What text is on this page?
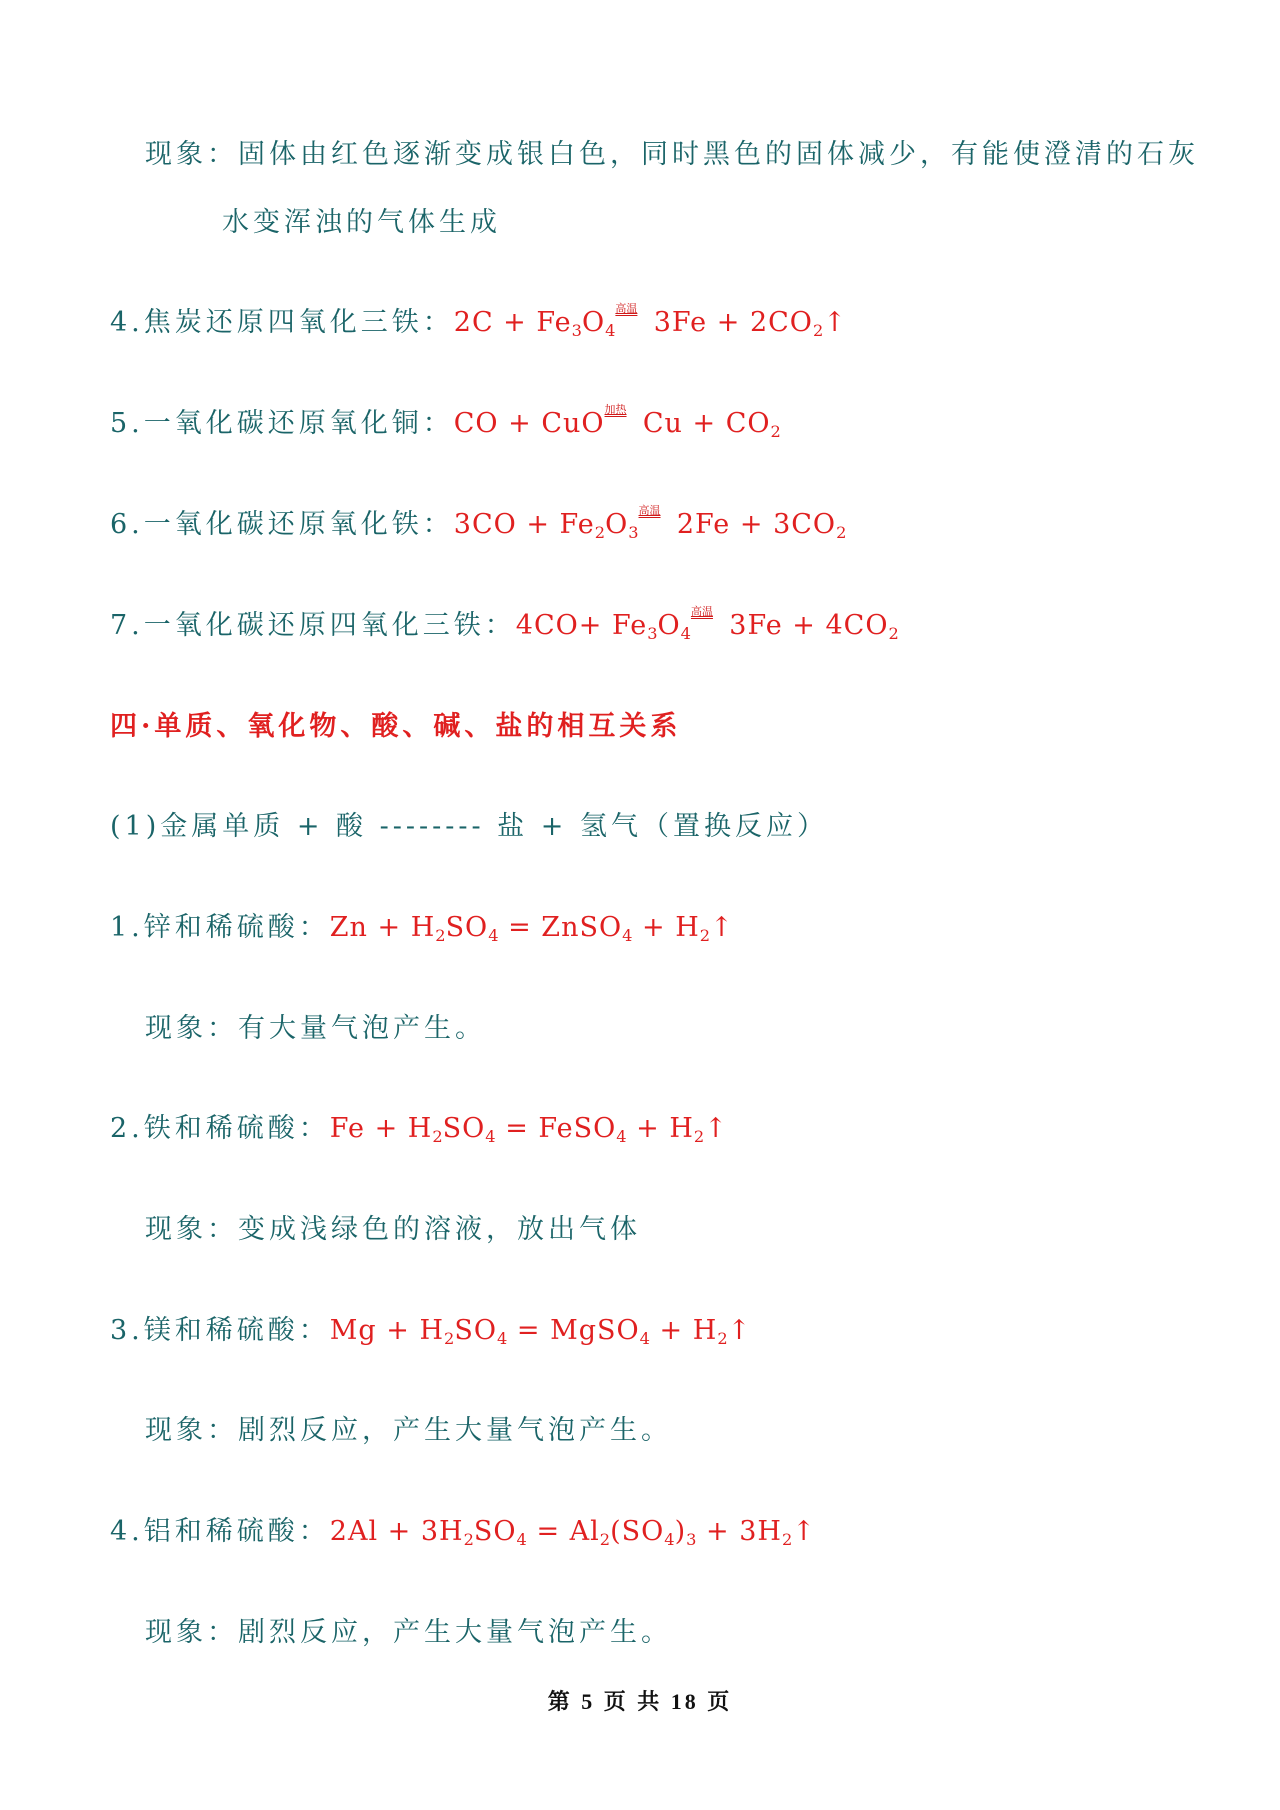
现象：固体由红色逐渐变成银白色，同时黑色的固体减少，有能使澄清的石灰
水变浑浊的气体生成
4.焦炭还原四氧化三铁：$2C + Fe_3O_4$
高温 $3Fe + 2CO_2↑$
5.一氧化碳还原氧化铜：CO + CuO 加热 $Cu + CO_2$
6.一氧化碳还原氧化铁：$3CO + Fe_2O_3$
高温 $2Fe + 3CO_2$
7.一氧化碳还原四氧化三铁：$4CO+ Fe_3O_4$
高温 $3Fe + 4CO_2$
四·单质、氧化物、酸、碱、盐的相互关系
(1)金属单质 + 酸 -------- 盐 + 氢气（置换反应）
1.锌和稀硫酸：$Zn + H_2SO_4$ = ZnSO$_4$ + $H_2↑$
现象：有大量气泡产生。
2.铁和稀硫酸：$Fe + H_2SO_4$ = FeSO$_4$ + $H_2↑$
现象：变成浅绿色的溶液，放出气体
3.镁和稀硫酸：$Mg + H_2SO_4$ = MgSO$_4$ + $H_2↑$
现象：剧烈反应，产生大量气泡产生。
4.铝和稀硫酸：$2Al + 3H_2SO_4 = Al_2(SO_4)_3$ + $3H_2↑$
现象：剧烈反应，产生大量气泡产生。
第 5 页 共 18 页
